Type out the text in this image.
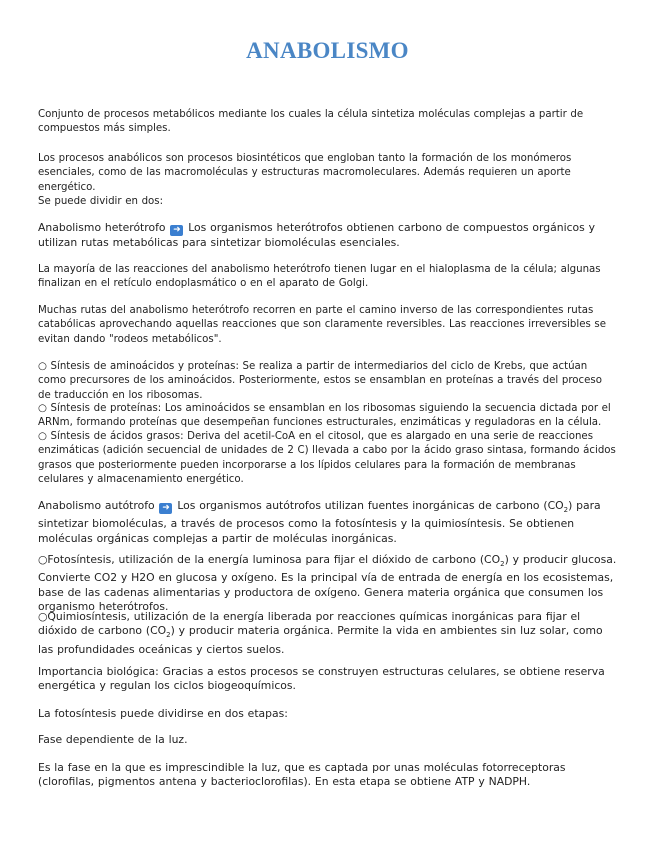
ANABOLISMO

Conjunto de procesos metabólicos mediante los cuales la célula sintetiza moléculas complejas a partir de compuestos más simples.

Los procesos anabólicos son procesos biosintéticos que engloban tanto la formación de los monómeros esenciales, como de las macromoléculas y estructuras macromoleculares. Además requieren un aporte energético.

Se puede dividir en dos:

Anabolismo heterótrofo ➜ Los organismos heterótrofos obtienen carbono de compuestos orgánicos y utilizan rutas metabólicas para sintetizar biomoléculas esenciales.

La mayoría de las reacciones del anabolismo heterótrofo tienen lugar en el hialoplasma de la célula; algunas finalizan en el retículo endoplasmático o en el aparato de Golgi.

Muchas rutas del anabolismo heterótrofo recorren en parte el camino inverso de las correspondientes rutas catabólicas aprovechando aquellas reacciones que son claramente reversibles. Las reacciones irreversibles se evitan dando "rodeos metabólicos".

○ Síntesis de aminoácidos y proteínas: Se realiza a partir de intermediarios del ciclo de Krebs, que actúan como precursores de los aminoácidos. Posteriormente, estos se ensamblan en proteínas a través del proceso de traducción en los ribosomas.

○ Síntesis de proteínas: Los aminoácidos se ensamblan en los ribosomas siguiendo la secuencia dictada por el ARNm, formando proteínas que desempeñan funciones estructurales, enzimáticas y reguladoras en la célula.

○ Síntesis de ácidos grasos: Deriva del acetil-CoA en el citosol, que es alargado en una serie de reacciones enzimáticas (adición secuencial de unidades de 2 C) llevada a cabo por la ácido graso sintasa, formando ácidos grasos que posteriormente pueden incorporarse a los lípidos celulares para la formación de membranas celulares y almacenamiento energético.

Anabolismo autótrofo ➜ Los organismos autótrofos utilizan fuentes inorgánicas de carbono $(CO_2)$ para sintetizar biomoléculas, a través de procesos como la fotosíntesis y la quimiosíntesis. Se obtienen moléculas orgánicas complejas a partir de moléculas inorgánicas.

○Fotosíntesis, utilización de la energía luminosa para fijar el dióxido de carbono $(CO_2)$ y producir glucosa. Convierte CO2 y H2O en glucosa y oxígeno. Es la principal vía de entrada de energía en los ecosistemas, base de las cadenas alimentarias y productora de oxígeno. Genera materia orgánica que consumen los organismo heterótrofos.

○Quimiosíntesis, utilización de la energía liberada por reacciones químicas inorgánicas para fijar el dióxido de carbono $(CO_2)$ y producir materia orgánica. Permite la vida en ambientes sin luz solar, como las profundidades oceánicas y ciertos suelos.

Importancia biológica: Gracias a estos procesos se construyen estructuras celulares, se obtiene reserva energética y regulan los ciclos biogeoquímicos.

La fotosíntesis puede dividirse en dos etapas:

Fase dependiente de la luz.

Es la fase en la que es imprescindible la luz, que es captada por unas moléculas fotorreceptoras (clorofilas, pigmentos antena y bacterioclorofilas). En esta etapa se obtiene ATP y NADPH.
